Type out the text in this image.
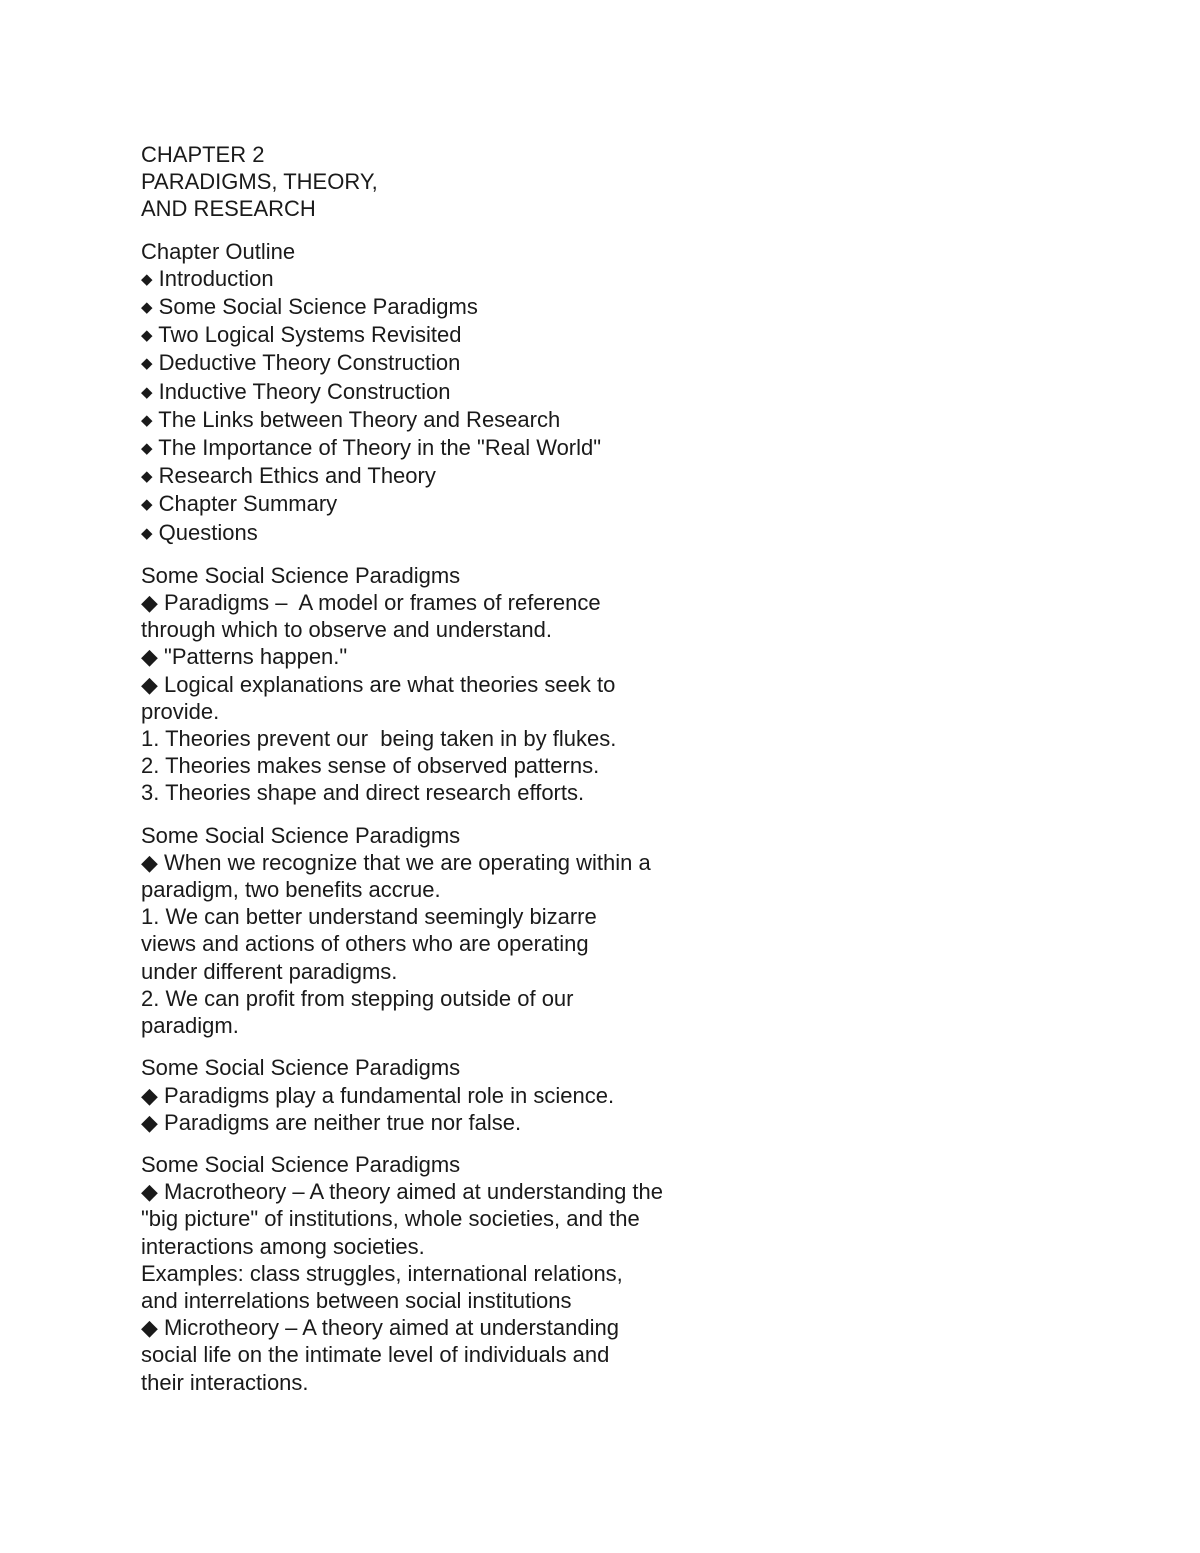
CHAPTER 2
PARADIGMS, THEORY,
AND RESEARCH
Chapter Outline
◆ Introduction
◆ Some Social Science Paradigms
◆ Two Logical Systems Revisited
◆ Deductive Theory Construction
◆ Inductive Theory Construction
◆ The Links between Theory and Research
◆ The Importance of Theory in the "Real World"
◆ Research Ethics and Theory
◆ Chapter Summary
◆ Questions
Some Social Science Paradigms
◆ Paradigms –  A model or frames of reference
through which to observe and understand.
◆ "Patterns happen."
◆ Logical explanations are what theories seek to
provide.
1. Theories prevent our  being taken in by flukes.
2. Theories makes sense of observed patterns.
3. Theories shape and direct research efforts.
Some Social Science Paradigms
◆ When we recognize that we are operating within a
paradigm, two benefits accrue.
1. We can better understand seemingly bizarre
views and actions of others who are operating
under different paradigms.
2. We can profit from stepping outside of our
paradigm.
Some Social Science Paradigms
◆ Paradigms play a fundamental role in science.
◆ Paradigms are neither true nor false.
Some Social Science Paradigms
◆ Macrotheory – A theory aimed at understanding the
"big picture" of institutions, whole societies, and the
interactions among societies.
Examples: class struggles, international relations,
and interrelations between social institutions
◆ Microtheory – A theory aimed at understanding
social life on the intimate level of individuals and
their interactions.
